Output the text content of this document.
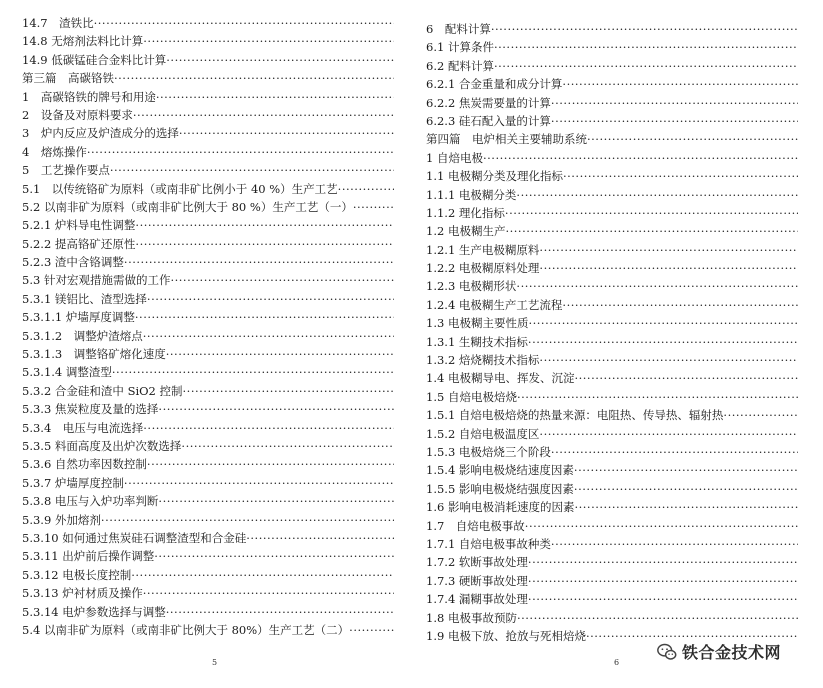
14.7　渣铁比
·····
14.8 无熔剂法料比计算
·····
14.9 低碳锰硅合金料比计算
·····
第三篇　高碳铬铁
·····
1　高碳铬铁的牌号和用途
·····
2　设备及对原料要求
·····
3　炉内反应及炉渣成分的选择
·····
4　熔炼操作
·····
5　工艺操作要点
·····
5.1　以传统铬矿为原料（或南非矿比例小于 40 %）生产工艺
·····
5.2 以南非矿为原料（或南非矿比例大于 80 %）生产工艺（一）
·····
5.2.1 炉料导电性调整
·····
5.2.2 提高铬矿还原性
·····
5.2.3 渣中含铬调整
·····
5.3 针对宏观措施需做的工作
·····
5.3.1 镁铝比、渣型选择
·····
5.3.1.1 炉墙厚度调整
·····
5.3.1.2　调整炉渣熔点
·····
5.3.1.3　调整铬矿熔化速度
·····
5.3.1.4 调整渣型
·····
5.3.2 合金硅和渣中 SiO2 控制
·····
5.3.3 焦炭粒度及量的选择
·····
5.3.4　电压与电流选择
·····
5.3.5 料面高度及出炉次数选择
·····
5.3.6 自然功率因数控制
·····
5.3.7 炉墙厚度控制
·····
5.3.8 电压与入炉功率判断
·····
5.3.9 外加熔剂
·····
5.3.10 如何通过焦炭硅石调整渣型和合金硅
·····
5.3.11 出炉前后操作调整
·····
5.3.12 电极长度控制
·····
5.3.13 炉衬材质及操作
·····
5.3.14 电炉参数选择与调整
·····
5.4 以南非矿为原料（或南非矿比例大于 80%）生产工艺（二）
·····
5
6　配料计算
·····
6.1 计算条件
·····
6.2 配料计算
·····
6.2.1 合金重量和成分计算
·····
6.2.2 焦炭需要量的计算
·····
6.2.3 硅石配入量的计算
·····
第四篇　电炉相关主要辅助系统
·····
1 自焙电极
·····
1.1 电极糊分类及理化指标
·····
1.1.1 电极糊分类
·····
1.1.2 理化指标
·····
1.2 电极糊生产
·····
1.2.1 生产电极糊原料
·····
1.2.2 电极糊原料处理
·····
1.2.3 电极糊形状
·····
1.2.4 电极糊生产工艺流程
·····
1.3 电极糊主要性质
·····
1.3.1 生糊技术指标
·····
1.3.2 焙烧糊技术指标
·····
1.4 电极糊导电、挥发、沉淀
·····
1.5 自焙电极焙烧
·····
1.5.1 自焙电极焙烧的热量来源：电阻热、传导热、辐射热
·····
1.5.2 自焙电极温度区
·····
1.5.3 电极焙烧三个阶段
·····
1.5.4 影响电极烧结速度因素
·····
1.5.5 影响电极烧结强度因素
·····
1.6 影响电极消耗速度的因素
·····
1.7　自焙电极事故
·····
1.7.1 自焙电极事故种类
·····
1.7.2 软断事故处理
·····
1.7.3 硬断事故处理
·····
1.7.4 漏糊事故处理
·····
1.8 电极事故预防
·····
1.9 电极下放、抢放与死相焙烧
·····
6
铁合金技术网
